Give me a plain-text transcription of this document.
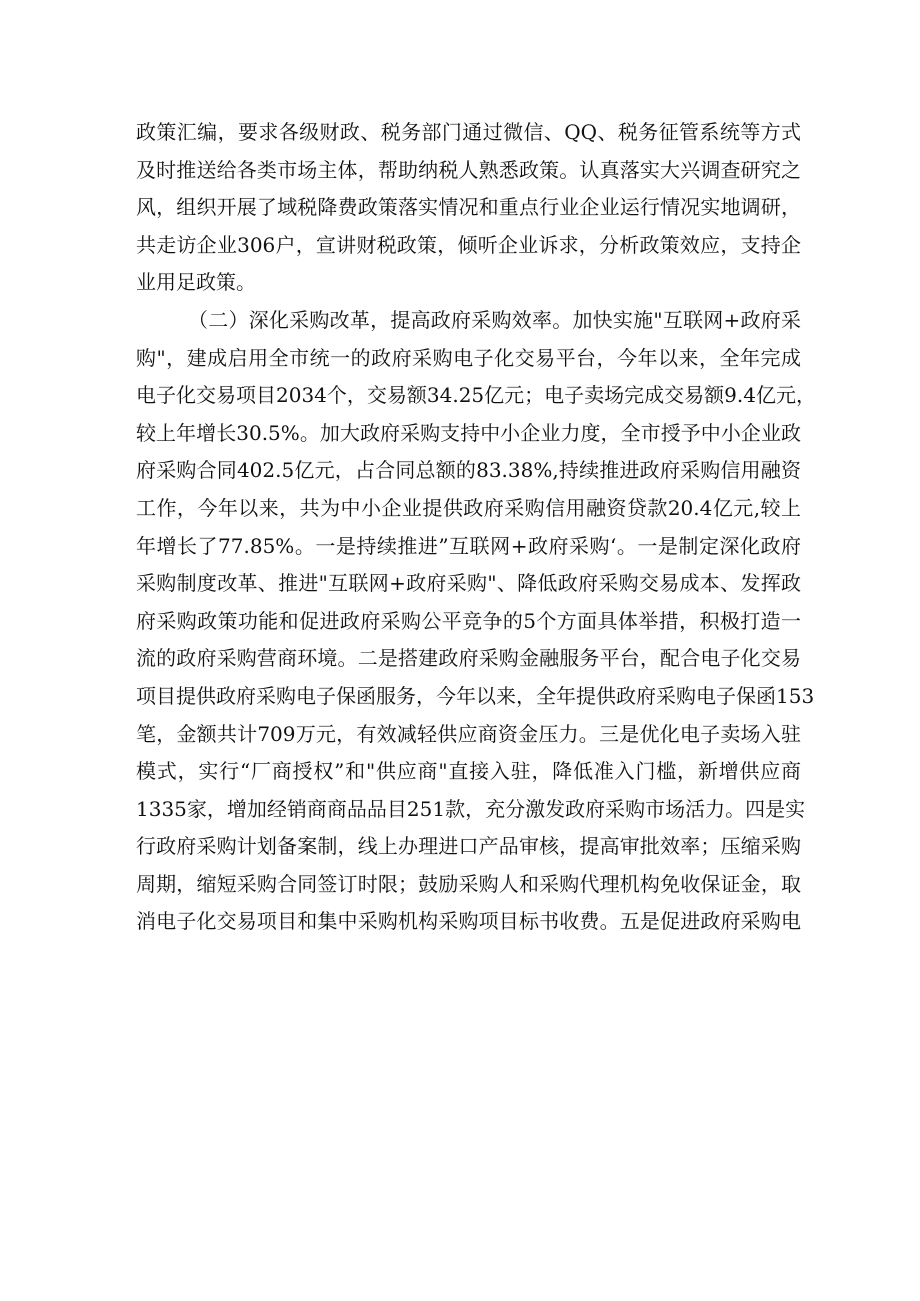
政策汇编，要求各级财政、税务部门通过微信、QQ、税务征管系统等方式
及时推送给各类市场主体，帮助纳税人熟悉政策。认真落实大兴调查研究之
风，组织开展了域税降费政策落实情况和重点行业企业运行情况实地调研，
共走访企业306户，宣讲财税政策，倾听企业诉求，分析政策效应，支持企
业用足政策。
（二）深化采购改革，提高政府采购效率。加快实施"互联网+政府采
购"，建成启用全市统一的政府采购电子化交易平台，今年以来，全年完成
电子化交易项目2034个，交易额34.25亿元；电子卖场完成交易额9.4亿元，
较上年增长30.5%。加大政府采购支持中小企业力度，全市授予中小企业政
府采购合同402.5亿元，占合同总额的83.38%,持续推进政府采购信用融资
工作，今年以来，共为中小企业提供政府采购信用融资贷款20.4亿元,较上
年增长了77.85%。一是持续推进”互联网+政府采购‘。一是制定深化政府
采购制度改革、推进"互联网+政府采购"、降低政府采购交易成本、发挥政
府采购政策功能和促进政府采购公平竞争的5个方面具体举措，积极打造一
流的政府采购营商环境。二是搭建政府采购金融服务平台，配合电子化交易
项目提供政府采购电子保函服务，今年以来，全年提供政府采购电子保函153
笔，金额共计709万元，有效减轻供应商资金压力。三是优化电子卖场入驻
模式，实行“厂商授权”和"供应商"直接入驻，降低准入门槛，新增供应商
1335家，增加经销商商品品目251款，充分激发政府采购市场活力。四是实
行政府采购计划备案制，线上办理进口产品审核，提高审批效率；压缩采购
周期，缩短采购合同签订时限；鼓励采购人和采购代理机构免收保证金，取
消电子化交易项目和集中采购机构采购项目标书收费。五是促进政府采购电
